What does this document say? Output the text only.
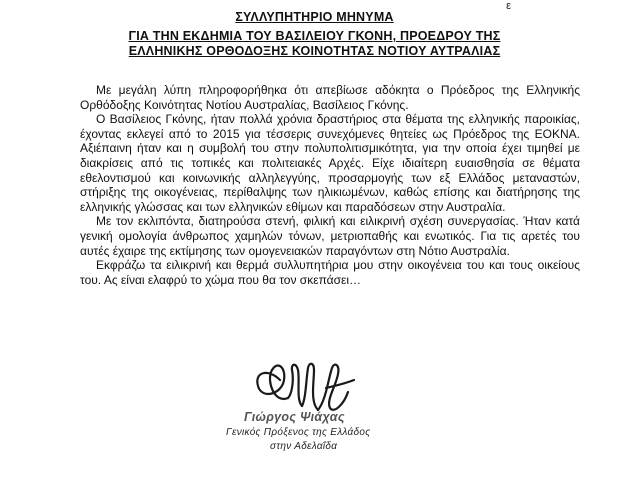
ε
ΣΥΛΛΥΠΗΤΗΡΙΟ ΜΗΝΥΜΑ
ΓΙΑ ΤΗΝ ΕΚΔΗΜΙΑ ΤΟΥ ΒΑΣΙΛΕΙΟΥ ΓΚΟΝΗ, ΠΡΟΕΔΡΟΥ ΤΗΣ
ΕΛΛΗΝΙΚΗΣ ΟΡΘΟΔΟΞΗΣ ΚΟΙΝΟΤΗΤΑΣ ΝΟΤΙΟΥ ΑΥΤΡΑΛΙΑΣ

Με μεγάλη λύπη πληροφορήθηκα ότι απεβίωσε αδόκητα ο Πρόεδρος της Ελληνικής Ορθόδοξης Κοινότητας Νοτίου Αυστραλίας, Βασίλειος Γκόνης.

Ο Βασίλειος Γκόνης, ήταν πολλά χρόνια δραστήριος στα θέματα της ελληνικής παροικίας, έχοντας εκλεγεί από το 2015 για τέσσερις συνεχόμενες θητείες ως Πρόεδρος της ΕΟΚΝΑ. Αξιέπαινη ήταν και η συμβολή του στην πολυπολιτισμικότητα, για την οποία έχει τιμηθεί με διακρίσεις από τις τοπικές και πολιτειακές Αρχές. Είχε ιδιαίτερη ευαισθησία σε θέματα εθελοντισμού και κοινωνικής αλληλεγγύης, προσαρμογής των εξ Ελλάδος μεταναστών, στήριξης της οικογένειας, περίθαλψης των ηλικιωμένων, καθώς επίσης και διατήρησης της ελληνικής γλώσσας και των ελληνικών εθίμων και παραδόσεων στην Αυστραλία.

Με τον εκλιπόντα, διατηρούσα στενή, φιλική και ειλικρινή σχέση συνεργασίας. Ήταν κατά γενική ομολογία άνθρωπος χαμηλών τόνων, μετριοπαθής και ενωτικός. Για τις αρετές του αυτές έχαιρε της εκτίμησης των ομογενειακών παραγόντων στη Νότιο Αυστραλία.

Εκφράζω τα ειλικρινή και θερμά συλλυπητήρια μου στην οικογένεια του και τους οικείους του. Ας είναι ελαφρύ το χώμα που θα τον σκεπάσει…

Γιώργος Ψιάχας
Γενικός Πρόξενος της Ελλάδος
στην Αδελαΐδα
